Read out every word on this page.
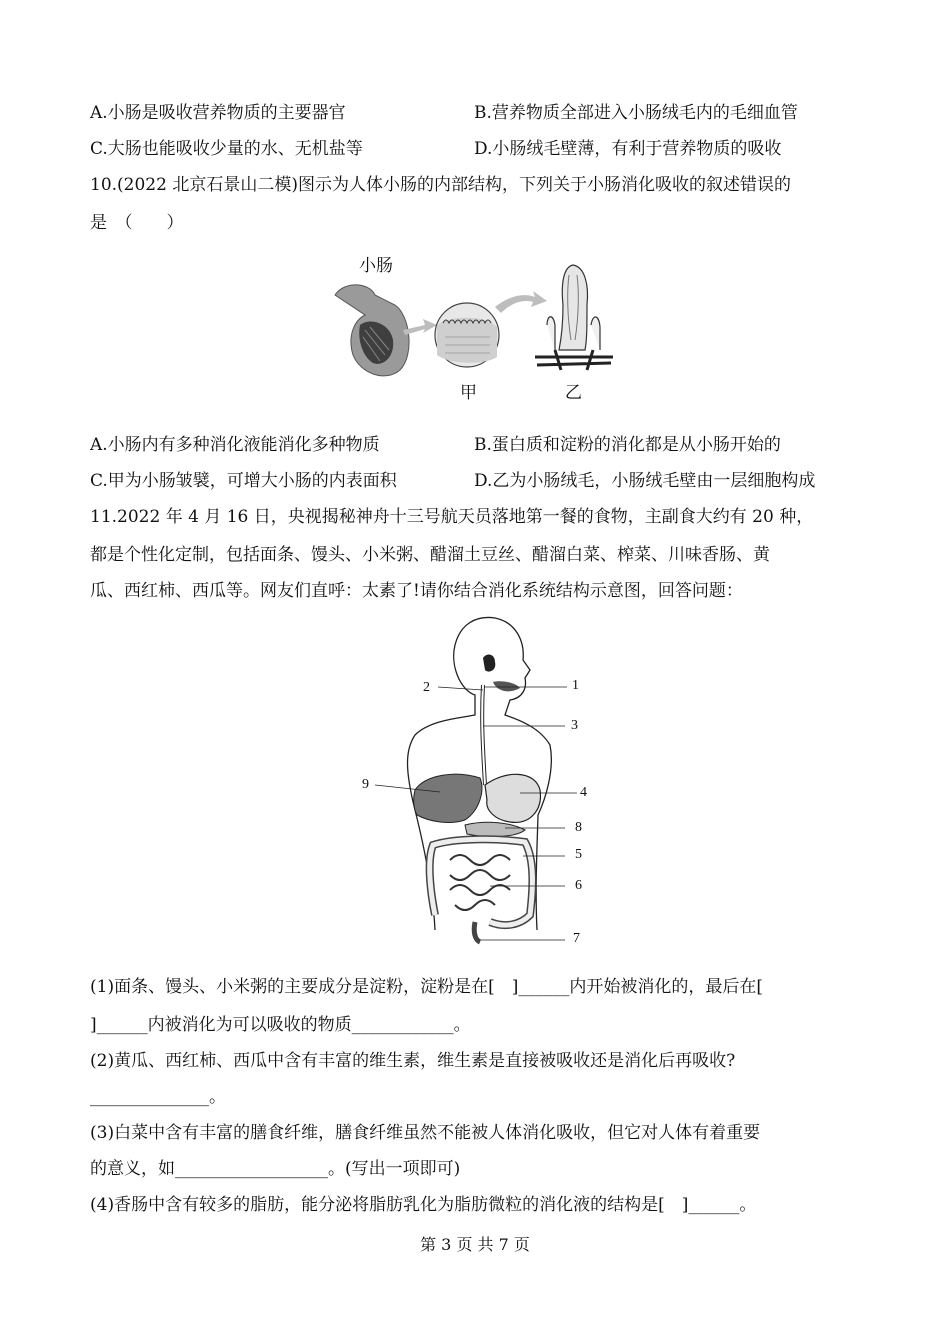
A.小肠是吸收营养物质的主要器官	B.营养物质全部进入小肠绒毛内的毛细血管
C.大肠也能吸收少量的水、无机盐等	D.小肠绒毛壁薄，有利于营养物质的吸收
10.(2022 北京石景山二模)图示为人体小肠的内部结构，下列关于小肠消化吸收的叙述错误的
是　（　　）
小肠
甲	乙
A.小肠内有多种消化液能消化多种物质	B.蛋白质和淀粉的消化都是从小肠开始的
C.甲为小肠皱襞，可增大小肠的内表面积	D.乙为小肠绒毛，小肠绒毛壁由一层细胞构成
11.2022 年 4 月 16 日，央视揭秘神舟十三号航天员落地第一餐的食物，主副食大约有 20 种，
都是个性化定制，包括面条、馒头、小米粥、醋溜土豆丝、醋溜白菜、榨菜、川味香肠、黄
瓜、西红柿、西瓜等。网友们直呼：太素了!请你结合消化系统结构示意图，回答问题：
1
2
3
4
5
6
7
8
9
(1)面条、馒头、小米粥的主要成分是淀粉，淀粉是在[　]______内开始被消化的，最后在[
]______内被消化为可以吸收的物质____________。
(2)黄瓜、西红柿、西瓜中含有丰富的维生素，维生素是直接被吸收还是消化后再吸收?
______________。
(3)白菜中含有丰富的膳食纤维，膳食纤维虽然不能被人体消化吸收，但它对人体有着重要
的意义，如__________________。(写出一项即可)
(4)香肠中含有较多的脂肪，能分泌将脂肪乳化为脂肪微粒的消化液的结构是[　]______。
第 3 页 共 7 页
